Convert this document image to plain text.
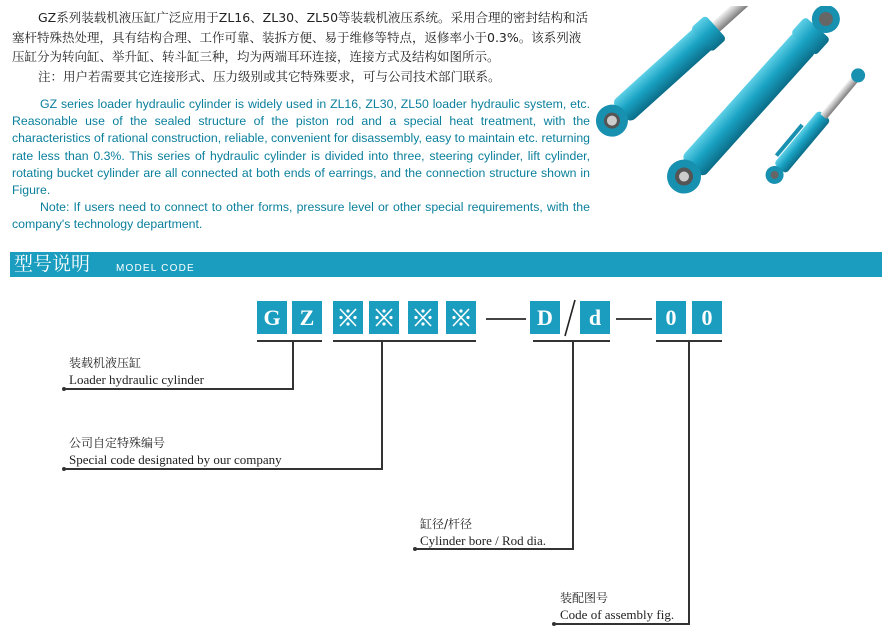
GZ系列装载机液压缸广泛应用于ZL16、ZL30、ZL50等装载机液压系统。采用合理的密封结构和活塞杆特殊热处理，具有结构合理、工作可靠、装拆方便、易于维修等特点，返修率小于0.3%。该系列液压缸分为转向缸、举升缸、转斗缸三种，均为两端耳环连接，连接方式及结构如图所示。

注：用户若需要其它连接形式、压力级别或其它特殊要求，可与公司技术部门联系。

GZ series loader hydraulic cylinder is widely used in ZL16, ZL30, ZL50 loader hydraulic system, etc. Reasonable use of the sealed structure of the piston rod and a special heat treatment, with the characteristics of rational construction, reliable, convenient for disassembly, easy to maintain etc. returning rate less than 0.3%. This series of hydraulic cylinder is divided into three, steering cylinder, lift cylinder, rotating bucket cylinder are all connected at both ends of earrings, and the connection structure shown in Figure.

Note: If users need to connect to other forms, pressure level or other special requirements, with the company's technology department.

型号说明	MODEL CODE
G Z	D	d	0	0
装载机液压缸
Loader hydraulic cylinder
公司自定特殊编号
Special code designated by our company
缸径/杆径
Cylinder bore / Rod dia.
装配图号
Code of assembly fig.
